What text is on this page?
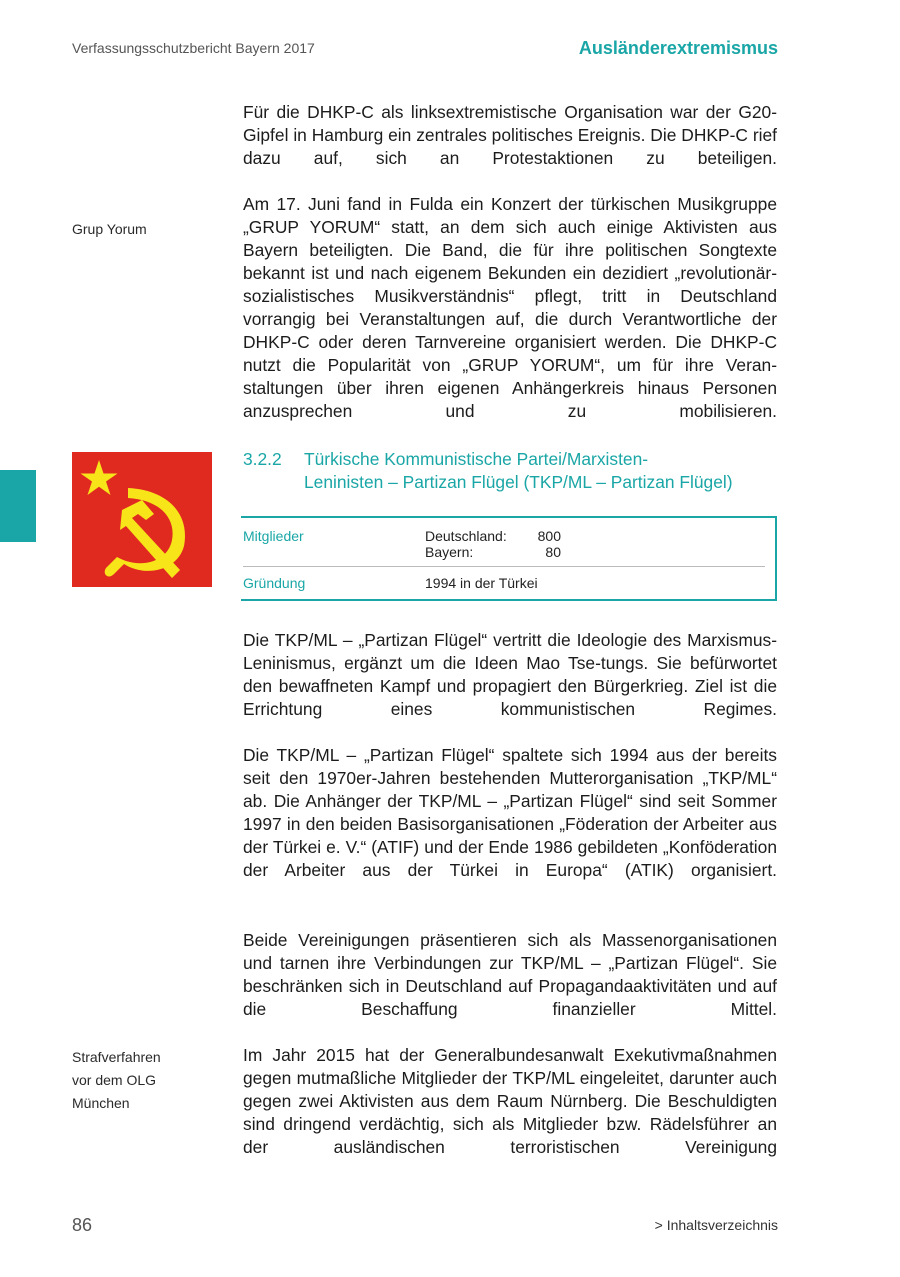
Verfassungsschutzbericht Bayern 2017	Ausländerextremismus

Für die DHKP-C als linksextremistische Organisation war der G20-Gipfel in Hamburg ein zentrales politisches Ereignis. Die DHKP-C rief dazu auf, sich an Protestaktionen zu beteiligen.

Grup Yorum

Am 17. Juni fand in Fulda ein Konzert der türkischen Musikgruppe „GRUP YORUM“ statt, an dem sich auch einige Aktivisten aus Bayern beteiligten. Die Band, die für ihre politischen Songtexte bekannt ist und nach eigenem Bekunden ein dezidiert „revolutionär-sozialistisches Musikverständnis“ pflegt, tritt in Deutschland vorrangig bei Veranstaltungen auf, die durch Verantwortliche der DHKP-C oder deren Tarnvereine organisiert werden. Die DHKP-C nutzt die Popularität von „GRUP YORUM“, um für ihre Veranstaltungen über ihren eigenen Anhängerkreis hinaus Personen anzusprechen und zu mobilisieren.

3.2.2 Türkische Kommunistische Partei/Marxisten-
Leninisten – Partizan Flügel (TKP/ML – Partizan Flügel)
Mitglieder	Deutschland: 800
Bayern:	80
Gründung	1994 in der Türkei

Die TKP/ML – „Partizan Flügel“ vertritt die Ideologie des Marxismus-Leninismus, ergänzt um die Ideen Mao Tse-tungs. Sie befürwortet den bewaffneten Kampf und propagiert den Bürgerkrieg. Ziel ist die Errichtung eines kommunistischen Regimes.

Die TKP/ML – „Partizan Flügel“ spaltete sich 1994 aus der bereits seit den 1970er-Jahren bestehenden Mutterorganisation „TKP/ML“ ab. Die Anhänger der TKP/ML – „Partizan Flügel“ sind seit Sommer 1997 in den beiden Basisorganisationen „Föderation der Arbeiter aus der Türkei e. V.“ (ATIF) und der Ende 1986 gebildeten „Konföderation der Arbeiter aus der Türkei in Europa“ (ATIK) organisiert.

Beide Vereinigungen präsentieren sich als Massenorganisationen und tarnen ihre Verbindungen zur TKP/ML – „Partizan Flügel“. Sie beschränken sich in Deutschland auf Propagandaaktivitäten und auf die Beschaffung finanzieller Mittel.

Strafverfahren
vor dem OLG
München

Im Jahr 2015 hat der Generalbundesanwalt Exekutivmaßnahmen gegen mutmaßliche Mitglieder der TKP/ML eingeleitet, darunter auch gegen zwei Aktivisten aus dem Raum Nürnberg. Die Beschuldigten sind dringend verdächtig, sich als Mitglieder bzw. Rädelsführer an der ausländischen terroristischen Vereinigung

86	> Inhaltsverzeichnis
